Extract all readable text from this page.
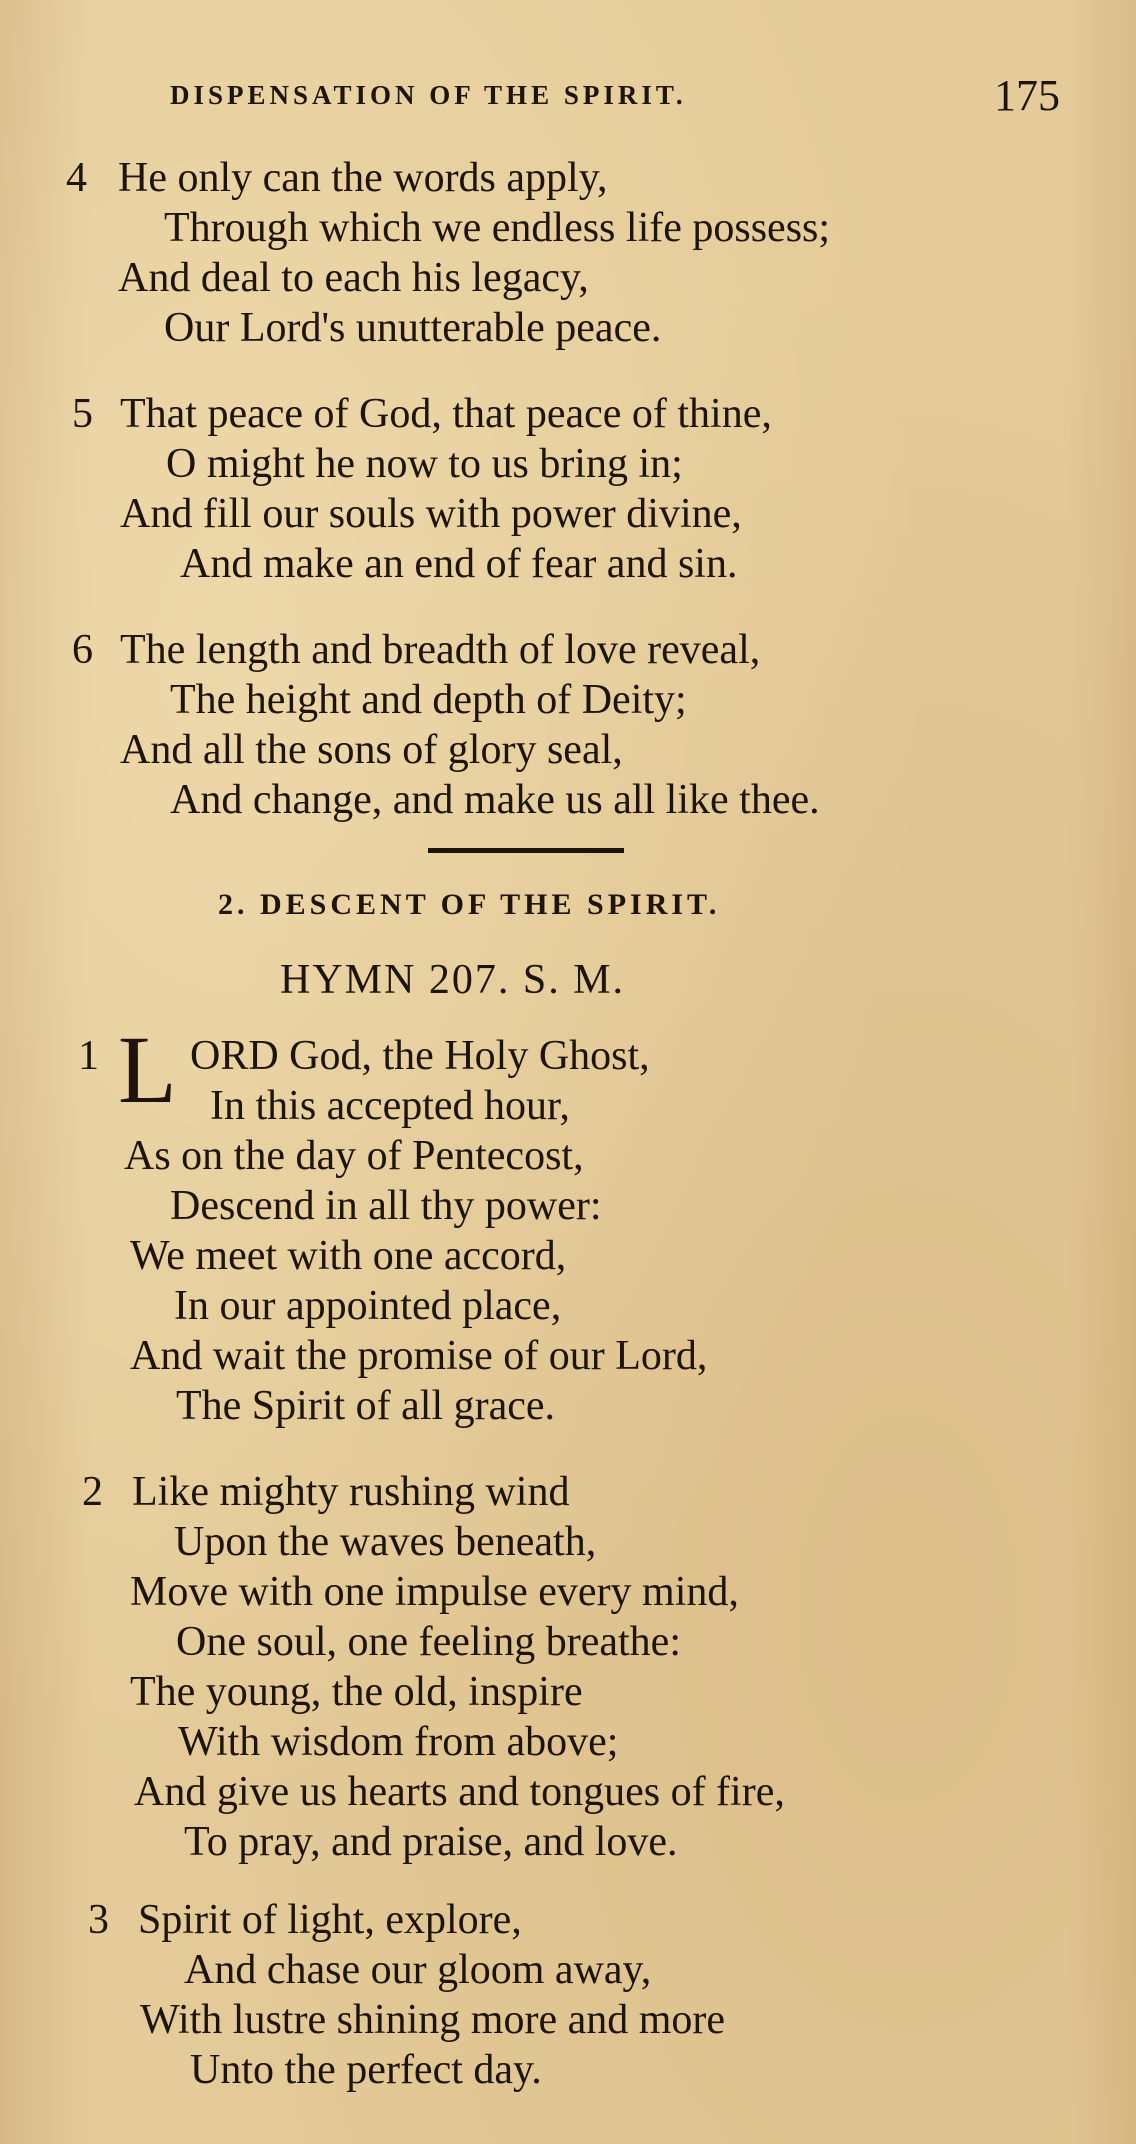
DISPENSATION OF THE SPIRIT.	175
4 He only can the words apply,
Through which we endless life possess;
And deal to each his legacy,
Our Lord's unutterable peace.
5 That peace of God, that peace of thine,
O might he now to us bring in;
And fill our souls with power divine,
And make an end of fear and sin.
6 The length and breadth of love reveal,
The height and depth of Deity;
And all the sons of glory seal,
And change, and make us all like thee.
2. DESCENT OF THE SPIRIT.
HYMN 207. S. M.
1 L ORD God, the Holy Ghost,
In this accepted hour,
As on the day of Pentecost,
Descend in all thy power:
We meet with one accord,
In our appointed place,
And wait the promise of our Lord,
The Spirit of all grace.
2 Like mighty rushing wind
Upon the waves beneath,
Move with one impulse every mind,
One soul, one feeling breathe:
The young, the old, inspire
With wisdom from above;
And give us hearts and tongues of fire,
To pray, and praise, and love.
3 Spirit of light, explore,
And chase our gloom away,
With lustre shining more and more
Unto the perfect day.
